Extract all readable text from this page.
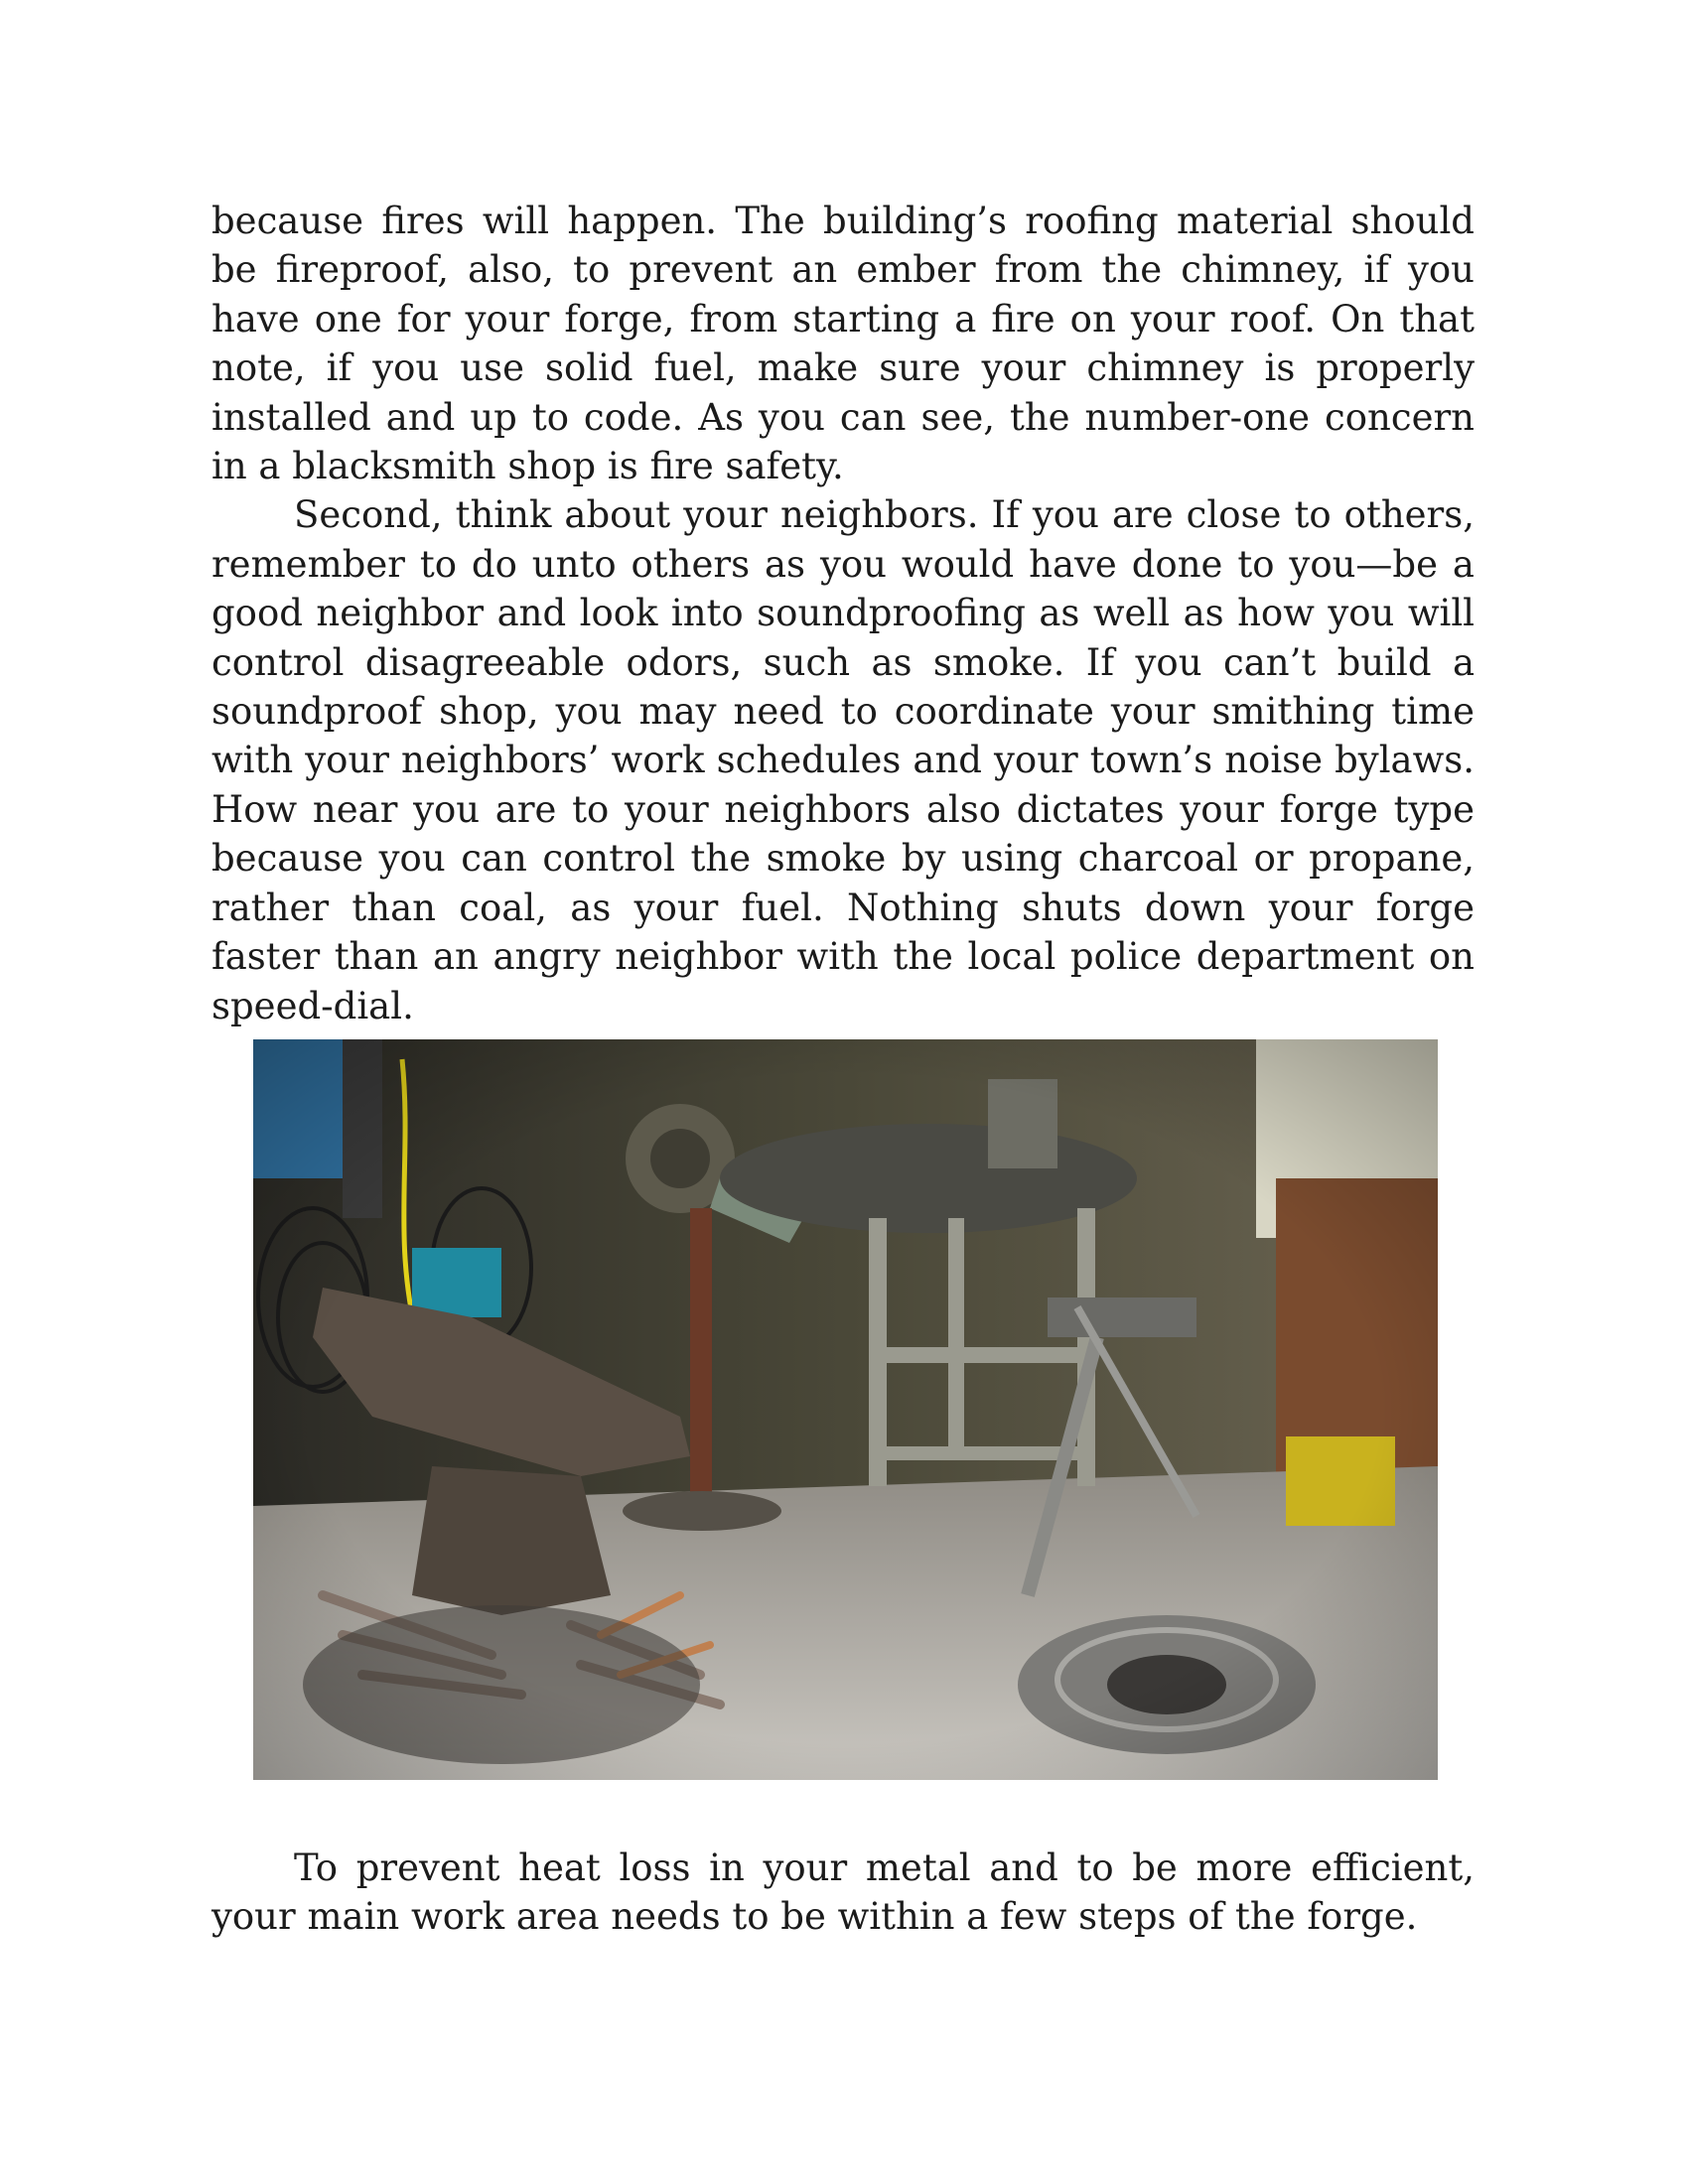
because fires will happen. The building’s roofing material should be fireproof, also, to prevent an ember from the chimney, if you have one for your forge, from starting a fire on your roof. On that note, if you use solid fuel, make sure your chimney is properly installed and up to code. As you can see, the number-one concern in a blacksmith shop is fire safety.

Second, think about your neighbors. If you are close to others, remember to do unto others as you would have done to you—be a good neighbor and look into soundproofing as well as how you will control disagreeable odors, such as smoke. If you can’t build a soundproof shop, you may need to coordinate your smithing time with your neighbors’ work schedules and your town’s noise bylaws. How near you are to your neighbors also dictates your forge type because you can control the smoke by using charcoal or propane, rather than coal, as your fuel. Nothing shuts down your forge faster than an angry neighbor with the local police department on speed-dial.

To prevent heat loss in your metal and to be more efficient, your main work area needs to be within a few steps of the forge.
